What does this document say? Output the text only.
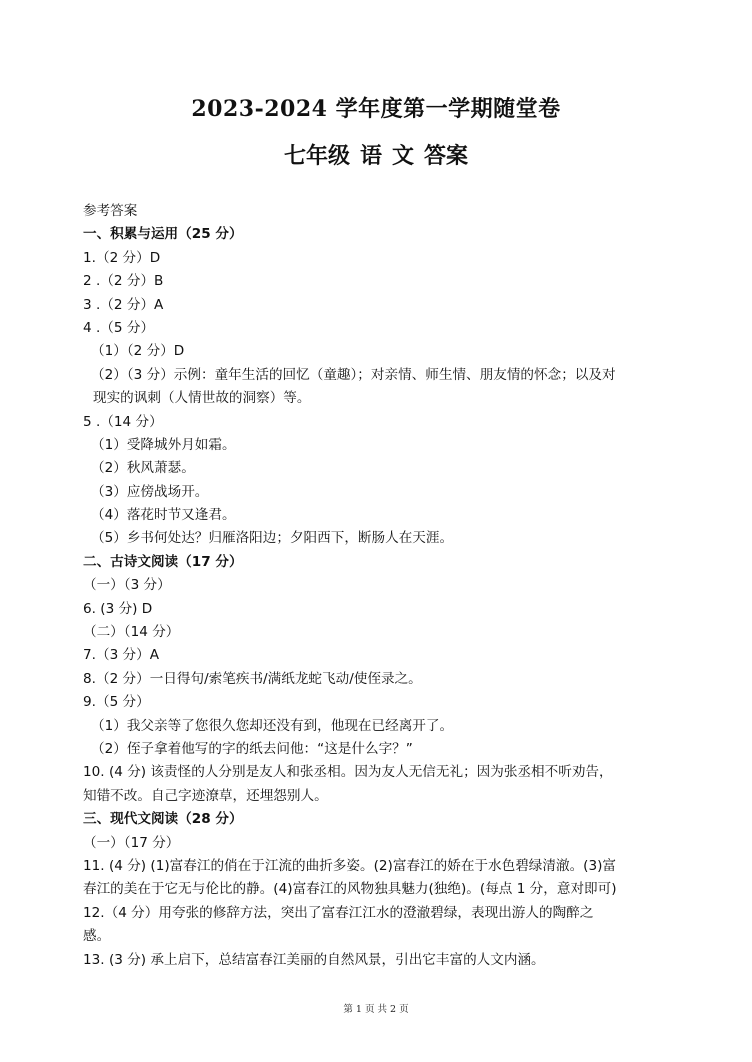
2023-2024 学年度第一学期随堂卷
七年级 语 文 答案
参考答案
一、积累与运用（25 分）
1.（2 分）D
2 .（2 分）B
3 .（2 分）A
4 .（5 分）
（1）（2 分）D
（2）（3 分）示例：童年生活的回忆（童趣）；对亲情、师生情、朋友情的怀念；以及对
现实的讽刺（人情世故的洞察）等。
5 .（14 分）
（1）受降城外月如霜。
（2）秋风萧瑟。
（3）应傍战场开。
（4）落花时节又逢君。
（5）乡书何处达？归雁洛阳边；夕阳西下，断肠人在天涯。
二、古诗文阅读（17 分）
（一）（3 分）
6. (3 分) D
（二）（14 分）
7.（3 分）A
8.（2 分）一日得句/索笔疾书/满纸龙蛇飞动/使侄录之。
9.（5 分）
（1）我父亲等了您很久您却还没有到，他现在已经离开了。
（2）侄子拿着他写的字的纸去问他：“这是什么字？”
10. (4 分) 该责怪的人分别是友人和张丞相。因为友人无信无礼；因为张丞相不听劝告，
知错不改。自己字迹潦草，还埋怨别人。
三、现代文阅读（28 分）
（一）（17 分）
11. (4 分) (1)富春江的俏在于江流的曲折多姿。(2)富春江的娇在于水色碧绿清澈。(3)富
春江的美在于它无与伦比的静。(4)富春江的风物独具魅力(独绝)。(每点 1 分，意对即可)
12.（4 分）用夸张的修辞方法，突出了富春江江水的澄澈碧绿，表现出游人的陶醉之
感。
13. (3 分) 承上启下，总结富春江美丽的自然风景，引出它丰富的人文内涵。
第 1 页 共 2 页
